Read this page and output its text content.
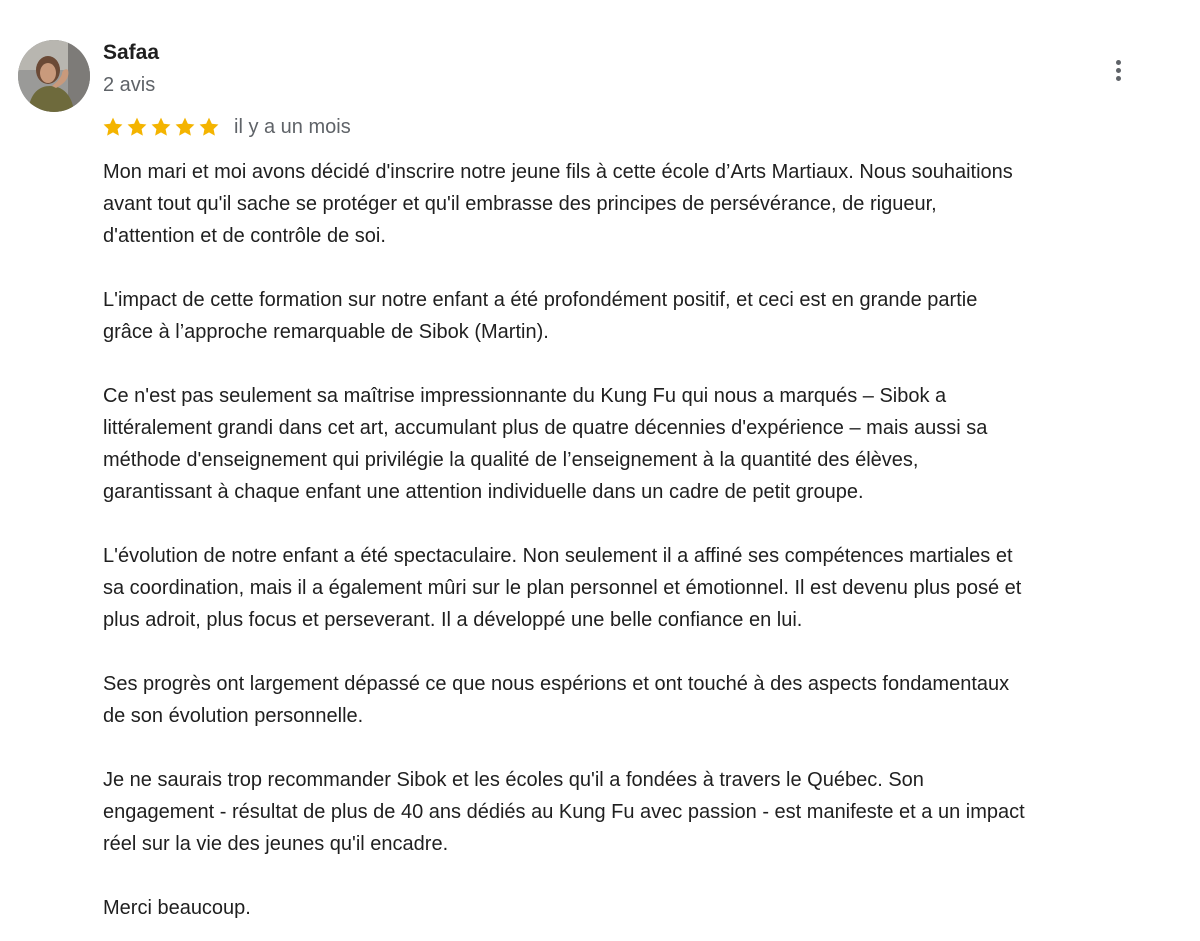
Safaa
2 avis
il y a un mois

Mon mari et moi avons décidé d'inscrire notre jeune fils à cette école d’Arts Martiaux. Nous souhaitions
avant tout qu'il sache se protéger et qu'il embrasse des principes de persévérance, de rigueur,
d'attention et de contrôle de soi.

L'impact de cette formation sur notre enfant a été profondément positif, et ceci est en grande partie
grâce à l’approche remarquable de Sibok (Martin).

Ce n'est pas seulement sa maîtrise impressionnante du Kung Fu qui nous a marqués – Sibok a
littéralement grandi dans cet art, accumulant plus de quatre décennies d'expérience – mais aussi sa
méthode d'enseignement qui privilégie la qualité de l’enseignement à la quantité des élèves,
garantissant à chaque enfant une attention individuelle dans un cadre de petit groupe.

L'évolution de notre enfant a été spectaculaire. Non seulement il a affiné ses compétences martiales et
sa coordination, mais il a également mûri sur le plan personnel et émotionnel. Il est devenu plus posé et
plus adroit, plus focus et perseverant. Il a développé une belle confiance en lui.

Ses progrès ont largement dépassé ce que nous espérions et ont touché à des aspects fondamentaux
de son évolution personnelle.

Je ne saurais trop recommander Sibok et les écoles qu'il a fondées à travers le Québec. Son
engagement - résultat de plus de 40 ans dédiés au Kung Fu avec passion - est manifeste et a un impact
réel sur la vie des jeunes qu'il encadre.

Merci beaucoup.
